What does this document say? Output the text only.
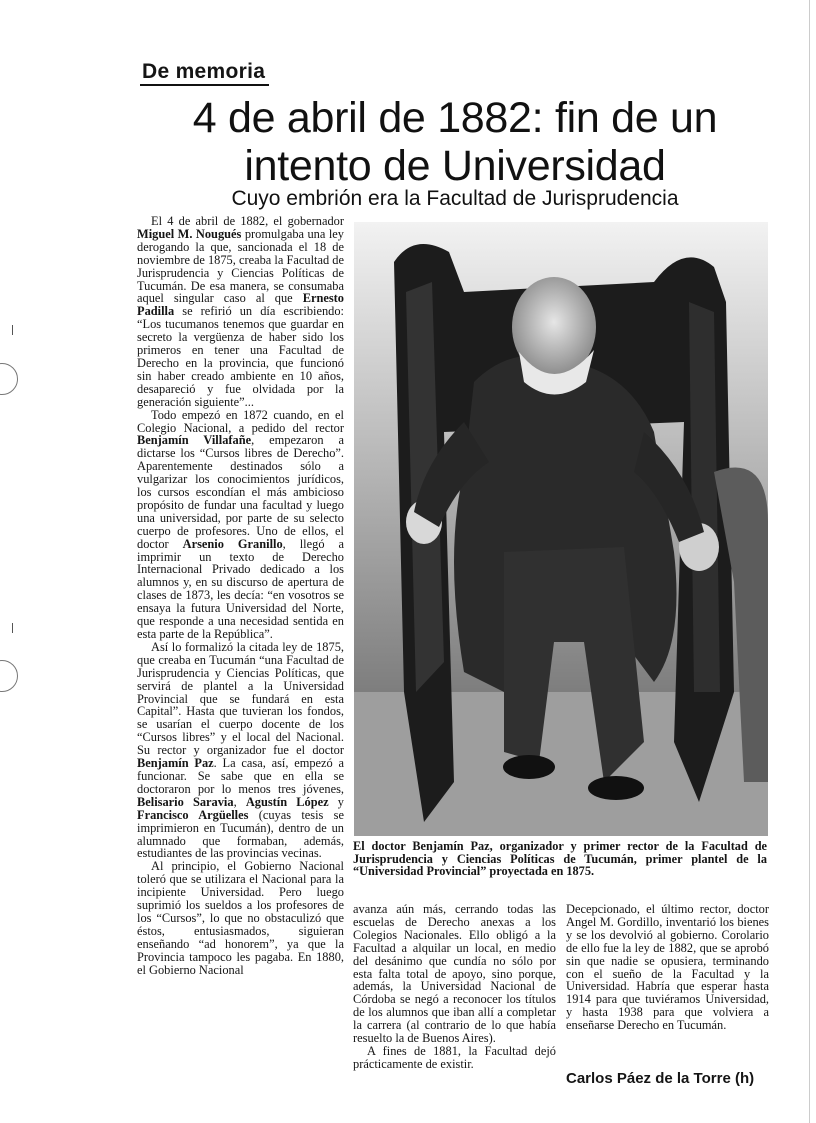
De memoria
4 de abril de 1882: fin de un intento de Universidad
Cuyo embrión era la Facultad de Jurisprudencia

El 4 de abril de 1882, el gobernador Miguel M. Nougués promulgaba una ley derogando la que, sancionada el 18 de noviembre de 1875, creaba la Facultad de Jurisprudencia y Ciencias Políticas de Tucumán. De esa manera, se consumaba aquel singular caso al que Ernesto Padilla se refirió un día escribiendo: “Los tucumanos tenemos que guardar en secreto la vergüenza de haber sido los primeros en tener una Facultad de Derecho en la provincia, que funcionó sin haber creado ambiente en 10 años, desapareció y fue olvidada por la generación siguiente”...

Todo empezó en 1872 cuando, en el Colegio Nacional, a pedido del rector Benjamín Villafañe, empezaron a dictarse los “Cursos libres de Derecho”. Aparentemente destinados sólo a vulgarizar los conocimientos jurídicos, los cursos escondían el más ambicioso propósito de fundar una facultad y luego una universidad, por parte de su selecto cuerpo de profesores. Uno de ellos, el doctor Arsenio Granillo, llegó a imprimir un texto de Derecho Internacional Privado dedicado a los alumnos y, en su discurso de apertura de clases de 1873, les decía: “en vosotros se ensaya la futura Universidad del Norte, que responde a una necesidad sentida en esta parte de la República”.

Así lo formalizó la citada ley de 1875, que creaba en Tucumán “una Facultad de Jurisprudencia y Ciencias Políticas, que servirá de plantel a la Universidad Provincial que se fundará en esta Capital”. Hasta que tuvieran los fondos, se usarían el cuerpo docente de los “Cursos libres” y el local del Nacional. Su rector y organizador fue el doctor Benjamín Paz. La casa, así, empezó a funcionar. Se sabe que en ella se doctoraron por lo menos tres jóvenes, Belisario Saravia, Agustín López y Francisco Argüelles (cuyas tesis se imprimieron en Tucumán), dentro de un alumnado que formaban, además, estudiantes de las provincias vecinas.

Al principio, el Gobierno Nacional toleró que se utilizara el Nacional para la incipiente Universidad. Pero luego suprimió los sueldos a los profesores de los “Cursos”, lo que no obstaculizó que éstos, entusiasmados, siguieran enseñando “ad honorem”, ya que la Provincia tampoco les pagaba. En 1880, el Gobierno Nacional

El doctor Benjamín Paz, organizador y primer rector de la Facultad de Jurisprudencia y Ciencias Políticas de Tucumán, primer plantel de la “Universidad Provincial” proyectada en 1875.

avanza aún más, cerrando todas las escuelas de Derecho anexas a los Colegios Nacionales. Ello obligó a la Facultad a alquilar un local, en medio del desánimo que cundía no sólo por esta falta total de apoyo, sino porque, además, la Universidad Nacional de Córdoba se negó a reconocer los títulos de los alumnos que iban allí a completar la carrera (al contrario de lo que había resuelto la de Buenos Aires).

A fines de 1881, la Facultad dejó prácticamente de existir.

Decepcionado, el último rector, doctor Angel M. Gordillo, inventarió los bienes y se los devolvió al gobierno. Corolario de ello fue la ley de 1882, que se aprobó sin que nadie se opusiera, terminando con el sueño de la Facultad y la Universidad. Habría que esperar hasta 1914 para que tuviéramos Universidad, y hasta 1938 para que volviera a enseñarse Derecho en Tucumán.

Carlos Páez de la Torre (h)
